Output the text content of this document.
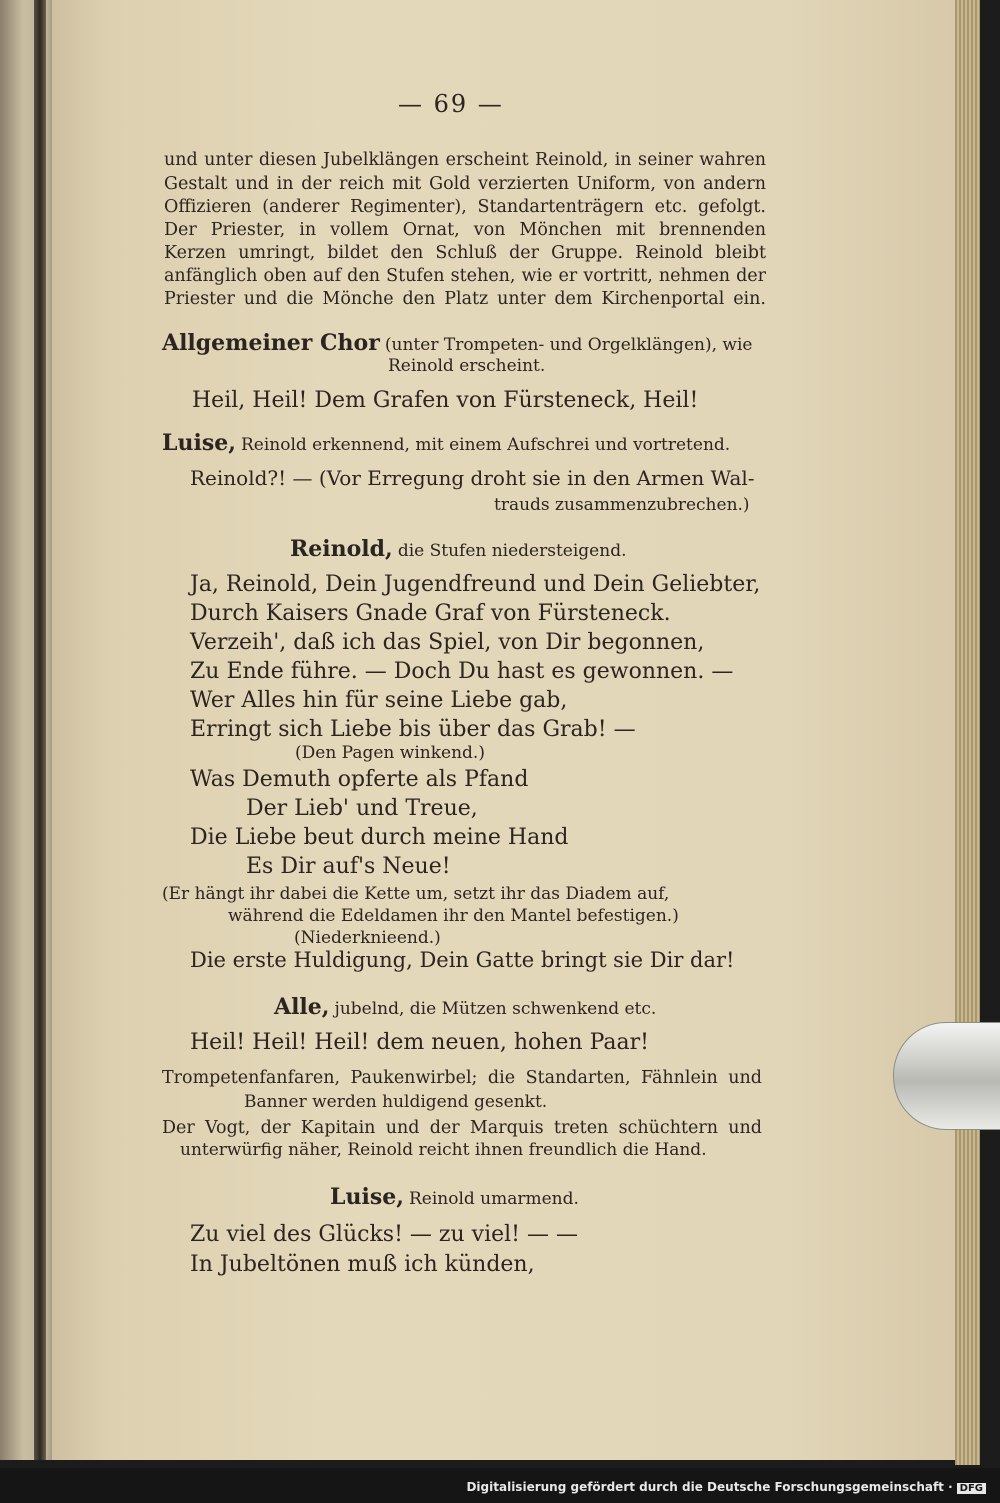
— 69 —
und unter diesen Jubelklängen erscheint Reinold, in seiner wahren
Gestalt und in der reich mit Gold verzierten Uniform, von andern
Offizieren (anderer Regimenter), Standartenträgern etc. gefolgt.
Der Priester, in vollem Ornat, von Mönchen mit brennenden
Kerzen umringt, bildet den Schluß der Gruppe. Reinold bleibt
anfänglich oben auf den Stufen stehen, wie er vortritt, nehmen der
Priester und die Mönche den Platz unter dem Kirchenportal ein.
Allgemeiner Chor (unter Trompeten- und Orgelklängen), wie
Reinold erscheint.
Heil, Heil! Dem Grafen von Fürsteneck, Heil!
Luise, Reinold erkennend, mit einem Aufschrei und vortretend.
Reinold?! — (Vor Erregung droht sie in den Armen Wal-
trauds zusammenzubrechen.)
Reinold, die Stufen niedersteigend.
Ja, Reinold, Dein Jugendfreund und Dein Geliebter,
Durch Kaisers Gnade Graf von Fürsteneck.
Verzeih', daß ich das Spiel, von Dir begonnen,
Zu Ende führe. — Doch Du hast es gewonnen. —
Wer Alles hin für seine Liebe gab,
Erringt sich Liebe bis über das Grab! —
(Den Pagen winkend.)
Was Demuth opferte als Pfand
Der Lieb' und Treue,
Die Liebe beut durch meine Hand
Es Dir auf's Neue!
(Er hängt ihr dabei die Kette um, setzt ihr das Diadem auf,
während die Edeldamen ihr den Mantel befestigen.)
(Niederknieend.)
Die erste Huldigung, Dein Gatte bringt sie Dir dar!
Alle, jubelnd, die Mützen schwenkend etc.
Heil! Heil! Heil! dem neuen, hohen Paar!
Trompetenfanfaren, Paukenwirbel; die Standarten, Fähnlein und
Banner werden huldigend gesenkt.
Der Vogt, der Kapitain und der Marquis treten schüchtern und
unterwürfig näher, Reinold reicht ihnen freundlich die Hand.
Luise, Reinold umarmend.
Zu viel des Glücks! — zu viel! — —
In Jubeltönen muß ich künden,
Digitalisierung gefördert durch die Deutsche Forschungsgemeinschaft · DFG
